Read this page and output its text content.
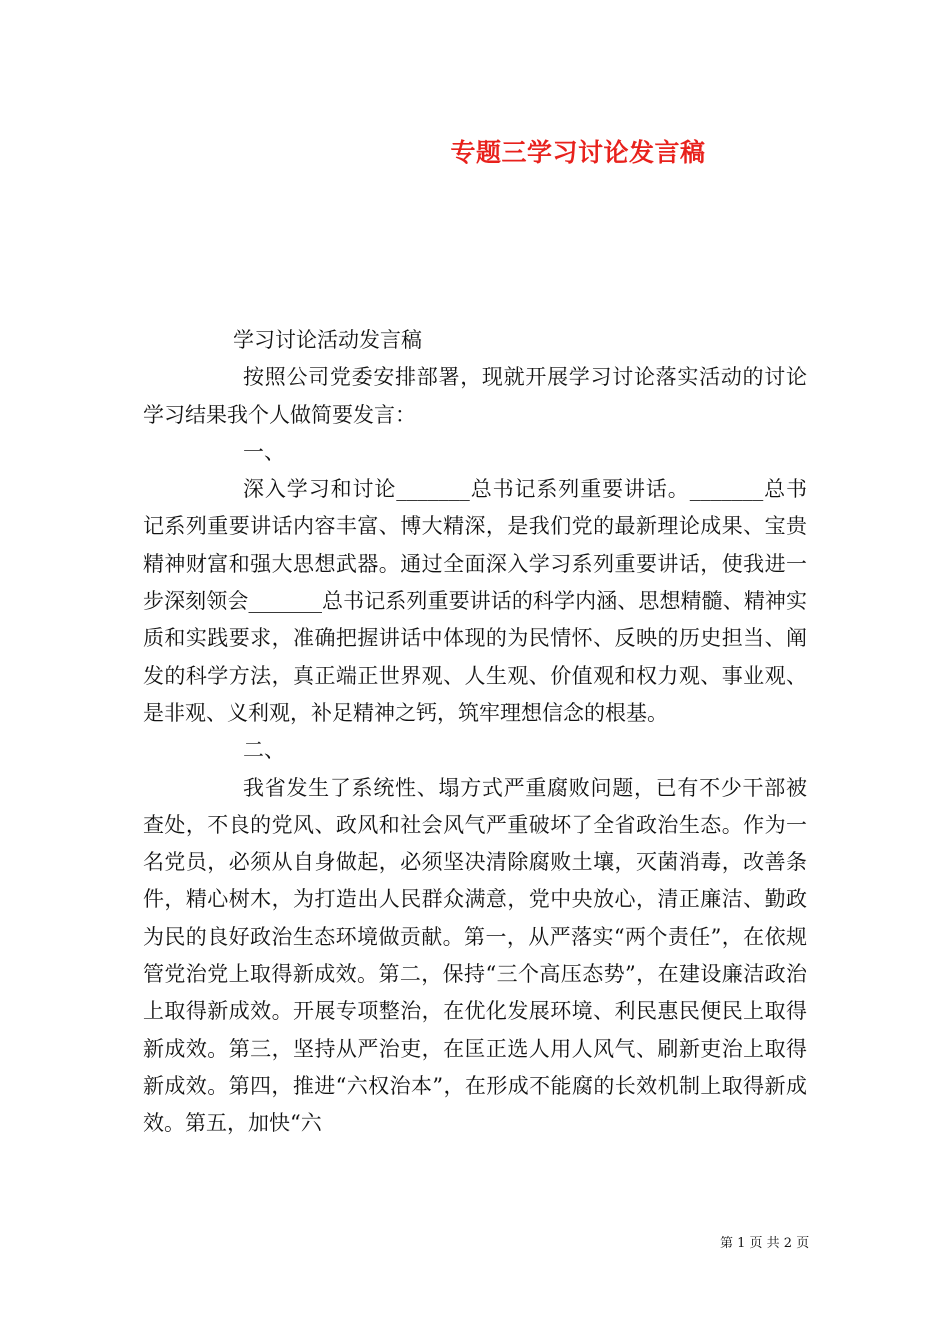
专题三学习讨论发言稿

学习讨论活动发言稿

按照公司党委安排部署，现就开展学习讨论落实活动的讨论学习结果我个人做简要发言：

一、

深入学习和讨论_______总书记系列重要讲话。_______总书记系列重要讲话内容丰富、博大精深，是我们党的最新理论成果、宝贵精神财富和强大思想武器。通过全面深入学习系列重要讲话，使我进一步深刻领会_______总书记系列重要讲话的科学内涵、思想精髓、精神实质和实践要求，准确把握讲话中体现的为民情怀、反映的历史担当、阐发的科学方法，真正端正世界观、人生观、价值观和权力观、事业观、是非观、义利观，补足精神之钙，筑牢理想信念的根基。

二、

我省发生了系统性、塌方式严重腐败问题，已有不少干部被查处，不良的党风、政风和社会风气严重破坏了全省政治生态。作为一名党员，必须从自身做起，必须坚决清除腐败土壤，灭菌消毒，改善条件，精心树木，为打造出人民群众满意，党中央放心，清正廉洁、勤政为民的良好政治生态环境做贡献。第一，从严落实“两个责任”，在依规管党治党上取得新成效。第二，保持“三个高压态势”，在建设廉洁政治上取得新成效。开展专项整治，在优化发展环境、利民惠民便民上取得新成效。第三，坚持从严治吏，在匡正选人用人风气、刷新吏治上取得新成效。第四，推进“六权治本”，在形成不能腐的长效机制上取得新成效。第五，加快“六

第 1 页 共 2 页
